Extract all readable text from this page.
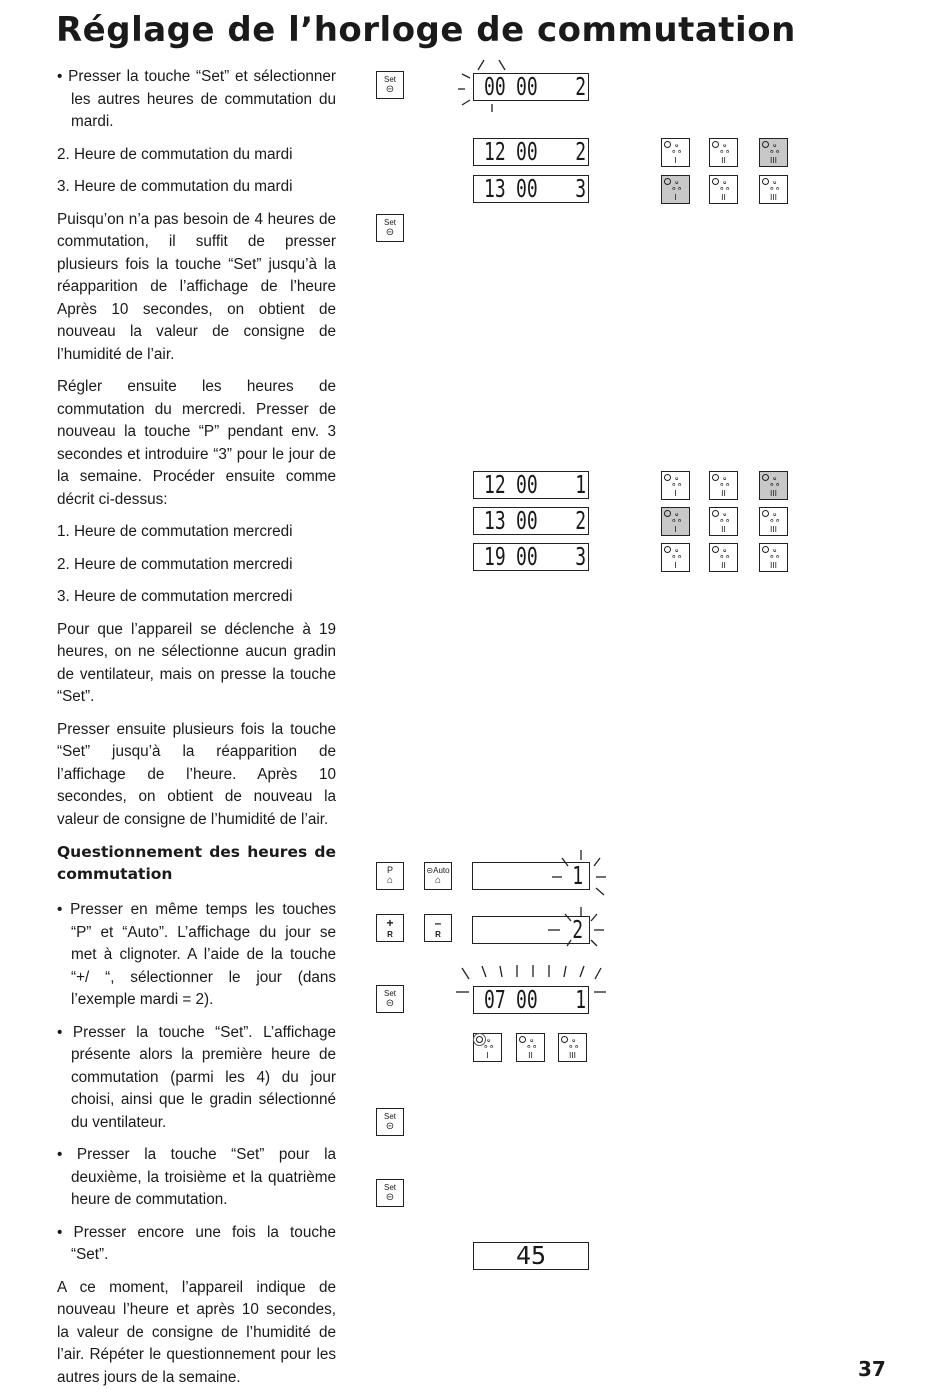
Réglage de l’horloge de commutation

• Presser la touche “Set” et sélectionner les autres heures de commutation du mardi.

2. Heure de commutation du mardi

3. Heure de commutation du mardi

Puisqu’on n’a pas besoin de 4 heures de commutation, il suffit de presser plusieurs fois la touche “Set” jusqu’à la réapparition de l’affichage de l’heure Après 10 secondes, on obtient de nouveau la valeur de consigne de l’humidité de l’air.

Régler ensuite les heures de commutation du mercredi. Presser de nouveau la touche “P” pendant env. 3 secondes et introduire “3” pour le jour de la semaine. Procéder ensuite comme décrit ci-dessus:

1. Heure de commutation mercredi

2. Heure de commutation mercredi

3. Heure de commutation mercredi

Pour que l’appareil se déclenche à 19 heures, on ne sélectionne aucun gradin de ventilateur, mais on presse la touche “Set”.

Presser ensuite plusieurs fois la touche “Set” jusqu’à la réapparition de l’affichage de l’heure. Après 10 secondes, on obtient de nouveau la valeur de consigne de l’humidité de l’air.

Questionnement des heures de commutation

• Presser en même temps les touches “P” et “Auto”. L’affichage du jour se met à clignoter. A l’aide de la touche “+/ “, sélectionner le jour (dans l’exemple mardi = 2).

• Presser la touche “Set”. L’affichage présente alors la première heure de commutation (parmi les 4) du jour choisi, ainsi que le gradin sélectionné du ventilateur.

• Presser la touche “Set” pour la deuxième, la troisième et la quatrième heure de commutation.

• Presser encore une fois la touche “Set”.

A ce moment, l’appareil indique de nouveau l’heure et après 10 secondes, la valeur de consigne de l’humidité de l’air. Répéter le questionnement pour les autres jours de la semaine.

00 00 2
12 00 2
13 00 3
12 00 1
13 00 2
19 00 3
1
2
07 00 1
45
Set
⊝
Set
⊝
Set
⊝
Set
⊝
Set
⊝
P
⌂
⊝Auto
⌂
+
R
–
R
ஃ
I
ஃ
II
ஃ
III
ஃ
I
ஃ
II
ஃ
III
ஃ
I
ஃ
II
ஃ
III
ஃ
I
ஃ
II
ஃ
III
ஃ
I
ஃ
II
ஃ
III
ஃ
I
ஃ
II
ஃ
III
37
